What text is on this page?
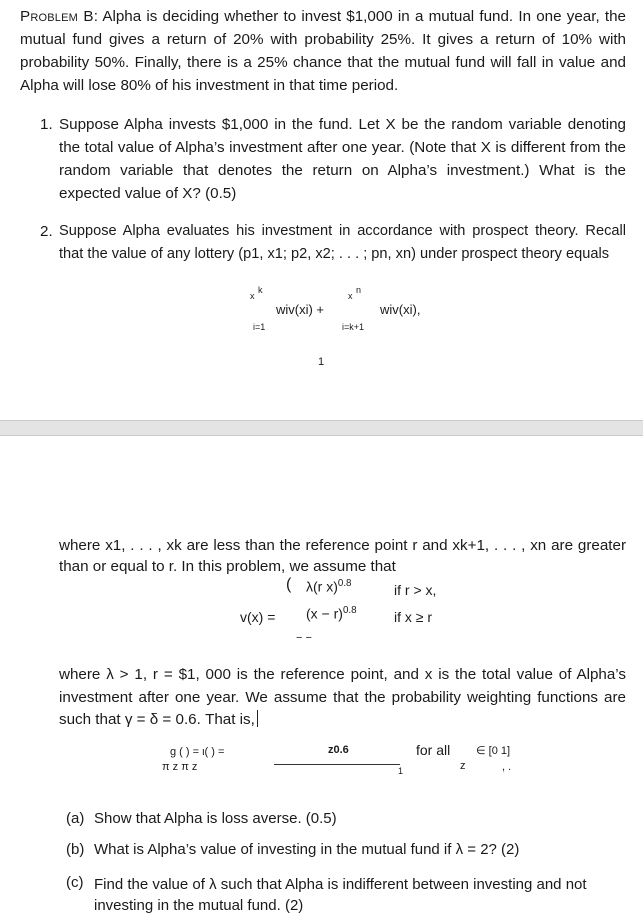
Problem B: Alpha is deciding whether to invest $1,000 in a mutual fund. In one year, the mutual fund gives a return of 20% with probability 25%. It gives a return of 10% with probability 50%. Finally, there is a 25% chance that the mutual fund will fall in value and Alpha will lose 80% of his investment in that time period.
1. Suppose Alpha invests $1,000 in the fund. Let X be the random variable denoting the total value of Alpha’s investment after one year. (Note that X is different from the random variable that denotes the return on Alpha’s investment.) What is the expected value of X? (0.5)
2. Suppose Alpha evaluates his investment in accordance with prospect theory. Recall that the value of any lottery (p1, x1; p2, x2; . . . ; pn, xn) under prospect theory equals
k
x
i=1
wiv(xi) +
n
x
i=k+1
wiv(xi),
1
where x1, . . . , xk are less than the reference point r and xk+1, . . . , xn are greater than or equal to r. In this problem, we assume that
( λ(r x)$^{0.8}$	if r > x,
$v(x) = (x - r)^{0.8}$	if x ≥ r
− −
where λ > 1, r = $1, 000 is the reference point, and x is the total value of Alpha’s investment after one year. We assume that the probability weighting functions are such that γ = δ = 0.6. That is,
g ( ) = ι( ) =
π z π z
z0.6
1
for all ∈ [0 1]
z	, .
(a) Show that Alpha is loss averse. (0.5)
(b) What is Alpha’s value of investing in the mutual fund if λ = 2? (2)
(c) Find the value of λ such that Alpha is indifferent between investing and not investing in the mutual fund. (2)
